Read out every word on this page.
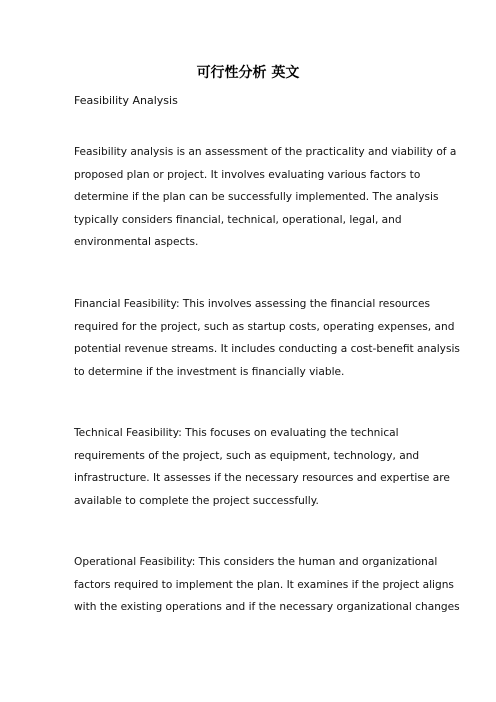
可行性分析 英文

Feasibility Analysis

Feasibility analysis is an assessment of the practicality and viability of a
proposed plan or project. It involves evaluating various factors to
determine if the plan can be successfully implemented. The analysis
typically considers financial, technical, operational, legal, and
environmental aspects.

Financial Feasibility: This involves assessing the financial resources
required for the project, such as startup costs, operating expenses, and
potential revenue streams. It includes conducting a cost-benefit analysis
to determine if the investment is financially viable.

Technical Feasibility: This focuses on evaluating the technical
requirements of the project, such as equipment, technology, and
infrastructure. It assesses if the necessary resources and expertise are
available to complete the project successfully.

Operational Feasibility: This considers the human and organizational
factors required to implement the plan. It examines if the project aligns
with the existing operations and if the necessary organizational changes
